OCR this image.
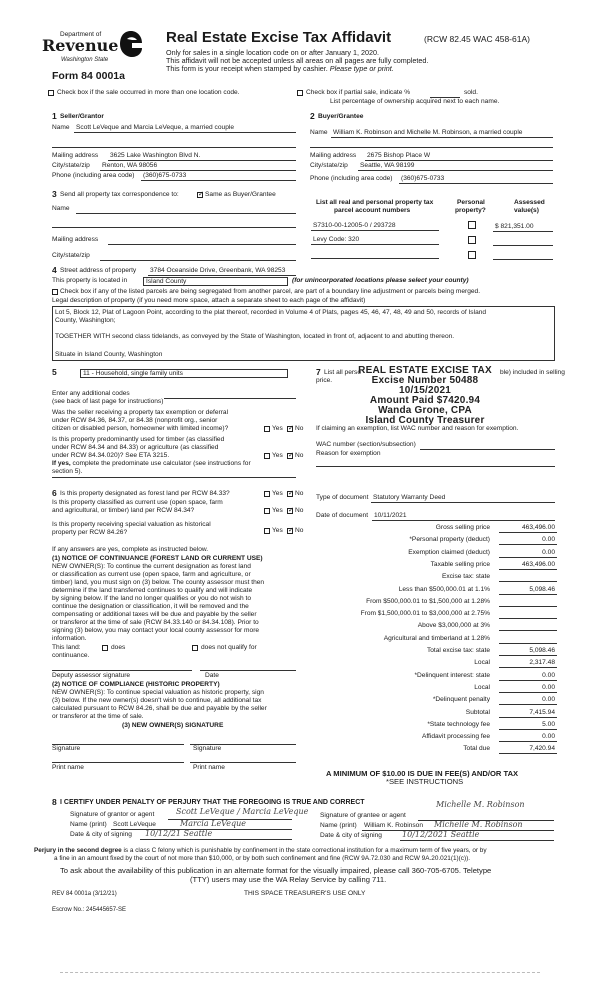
Department of
Revenue
Washington State
Form 84 0001a
Real Estate Excise Tax Affidavit	(RCW 82.45 WAC 458-61A)
Only for sales in a single location code on or after January 1, 2020.
This affidavit will not be accepted unless all areas on all pages are fully completed.
This form is your receipt when stamped by cashier. Please type or print.
Check box if the sale occurred in more than one location code.	Check box if partial sale, indicate %	sold.
List percentage of ownership acquired next to each name.
1 Seller/Grantor
Name Scott LeVeque and Marcia LeVeque, a married couple
Mailing address 3625 Lake Washington Blvd N.
City/state/zip Renton, WA 98056
Phone (including area code) (360)675-0733
2 Buyer/Grantee
Name William K. Robinson and Michelle M. Robinson, a married couple
Mailing address 2675 Bishop Place W
City/state/zip Seattle, WA 98199
Phone (including area code) (360)675-0733
3 Send all property tax correspondence to: ✓	Same as Buyer/Grantee
Name
Mailing address
City/state/zip
List all real and personal property tax
parcel account numbers
Personal
property?
Assessed
value(s)
S7310-00-12005-0 / 293728	$ 821,351.00
Levy Code: 320
4 Street address of property 3784 Oceanside Drive, Greenbank, WA 98253
This property is located in	Island County	(for unincorporated locations please select your county)
Check box if any of the listed parcels are being segregated from another parcel, are part of a boundary line adjustment or parcels being merged.
Legal description of property (if you need more space, attach a separate sheet to each page of the affidavit)
Lot 5, Block 12, Plat of Lagoon Point, according to the plat thereof, recorded in Volume 4 of Plats, pages 45, 46, 47, 48, 49 and 50, records of Island
County, Washington;
TOGETHER WITH second class tidelands, as conveyed by the State of Washington, located in front of, adjacent to and abutting thereon.
Situate in Island County, Washington
5	11 - Household, single family units
Enter any additional codes
(see back of last page for instructions)
Was the seller receiving a property tax exemption or deferral
under RCW 84.36, 84.37, or 84.38 (nonprofit org., senior
citizen or disabled person, homeowner with limited income)?	Yes ✓ No
Is this property predominantly used for timber (as classified
under RCW 84.34 and 84.33) or agriculture (as classified
under RCW 84.34.020)? See ETA 3215.	Yes ✓ No
If yes, complete the predominate use calculator (see instructions for
section 5).
6 Is this property designated as forest land per RCW 84.33?	Yes ✓ No
Is this property classified as current use (open space, farm
and agricultural, or timber) land per RCW 84.34?	Yes ✓ No
Is this property receiving special valuation as historical
property per RCW 84.26?	Yes ✓ No
If any answers are yes, complete as instructed below.
(1) NOTICE OF CONTINUANCE (FOREST LAND OR CURRENT USE)
NEW OWNER(S): To continue the current designation as forest land
or classification as current use (open space, farm and agriculture, or
timber) land, you must sign on (3) below. The county assessor must then
determine if the land transferred continues to qualify and will indicate
by signing below. If the land no longer qualifies or you do not wish to
continue the designation or classification, it will be removed and the
compensating or additional taxes will be due and payable by the seller
or transferor at the time of sale (RCW 84.33.140 or 84.34.108). Prior to
signing (3) below, you may contact your local county assessor for more
information.
This land:	does	does not qualify for
continuance.
Deputy assessor signature	Date
(2) NOTICE OF COMPLIANCE (HISTORIC PROPERTY)
NEW OWNER(S): To continue special valuation as historic property, sign
(3) below. If the new owner(s) doesn't wish to continue, all additional tax
calculated pursuant to RCW 84.26, shall be due and payable by the seller
or transferor at the time of sale.
(3) NEW OWNER(S) SIGNATURE
Signature	Signature
Print name	Print name
7 List all perso	ble) included in selling
price.
REAL ESTATE EXCISE TAX
Excise Number 50488
10/15/2021
Amount Paid $7420.94
Wanda Grone, CPA
Island County Treasurer
If claiming an exemption, list WAC number and reason for exemption.
WAC number (section/subsection)
Reason for exemption
Type of document Statutory Warranty Deed
Date of document 10/11/2021
Gross selling price	463,496.00
*Personal property (deduct)	0.00
Exemption claimed (deduct)	0.00
Taxable selling price	463,496.00
Excise tax: state
Less than $500,000.01 at 1.1%	5,098.46
From $500,000.01 to $1,500,000 at 1.28%
From $1,500,000.01 to $3,000,000 at 2.75%
Above $3,000,000 at 3%
Agricultural and timberland at 1.28%
Total excise tax: state	5,098.46
Local	2,317.48
*Delinquent interest: state	0.00
Local	0.00
*Delinquent penalty	0.00
Subtotal	7,415.94
*State technology fee	5.00
Affidavit processing fee	0.00
Total due	7,420.94
A MINIMUM OF $10.00 IS DUE IN FEE(S) AND/OR TAX
*SEE INSTRUCTIONS
8 I CERTIFY UNDER PENALTY OF PERJURY THAT THE FOREGOING IS TRUE AND CORRECT
Signature of grantor or agent	Scott LeVeque / Marcia LeVeque
Name (print) Scott LeVeque	Marcia LeVeque
Date & city of signing 10/12/21 Seattle
Signature of grantee or agent
Michelle M. Robinson
Name (print) William K. Robinson Michelle M. Robinson
Date & city of signing	10/12/2021 Seattle
Perjury in the second degree is a class C felony which is punishable by confinement in the state correctional institution for a maximum term of five years, or by
a fine in an amount fixed by the court of not more than $10,000, or by both such confinement and fine (RCW 9A.72.030 and RCW 9A.20.021(1)(c)).
To ask about the availability of this publication in an alternate format for the visually impaired, please call 360-705-6705. Teletype
(TTY) users may use the WA Relay Service by calling 711.
REV 84 0001a (3/12/21)	THIS SPACE TREASURER'S USE ONLY
Escrow No.: 245445657-SE
